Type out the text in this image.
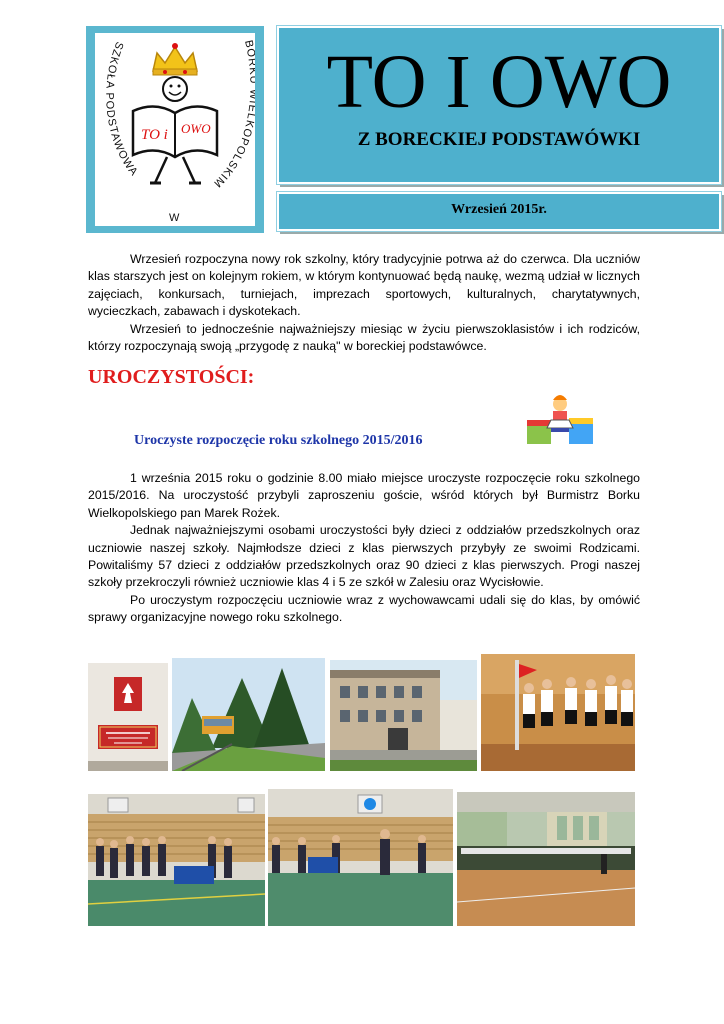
SZKOŁA PODSTAWOWA
B KOPOLSKIM
TO i OWO
W
TO I OWO
Z BORECKIEJ PODSTAWÓWKI
Wrzesień 2015r.

Wrzesień rozpoczyna nowy rok szkolny, który tradycyjnie potrwa aż do czerwca. Dla uczniów klas starszych jest on kolejnym rokiem, w którym kontynuować będą naukę, wezmą udział w licznych zajęciach, konkursach, turniejach, imprezach sportowych, kulturalnych, charytatywnych, wycieczkach, zabawach i dyskotekach.

Wrzesień to jednocześnie najważniejszy miesiąc w życiu pierwszoklasistów i ich rodziców, którzy rozpoczynają swoją „przygodę z nauką" w boreckiej podstawówce.

UROCZYSTOŚCI:
Uroczyste rozpoczęcie roku szkolnego 2015/2016

1 września 2015 roku o godzinie 8.00 miało miejsce uroczyste rozpoczęcie roku szkolnego 2015/2016. Na uroczystość przybyli zaproszeniu goście, wśród których był Burmistrz Borku Wielkopolskiego pan Marek Rożek.

Jednak najważniejszymi osobami uroczystości były dzieci z oddziałów przedszkolnych oraz uczniowie naszej szkoły. Najmłodsze dzieci z klas pierwszych przybyły ze swoimi Rodzicami. Powitaliśmy 57 dzieci z oddziałów przedszkolnych oraz 90 dzieci z klas pierwszych. Progi naszej szkoły przekroczyli również uczniowie klas 4 i 5 ze szkół w Zalesiu oraz Wycisłowie.

Po uroczystym rozpoczęciu uczniowie wraz z wychowawcami udali się do klas, by omówić sprawy organizacyjne nowego roku szkolnego.
